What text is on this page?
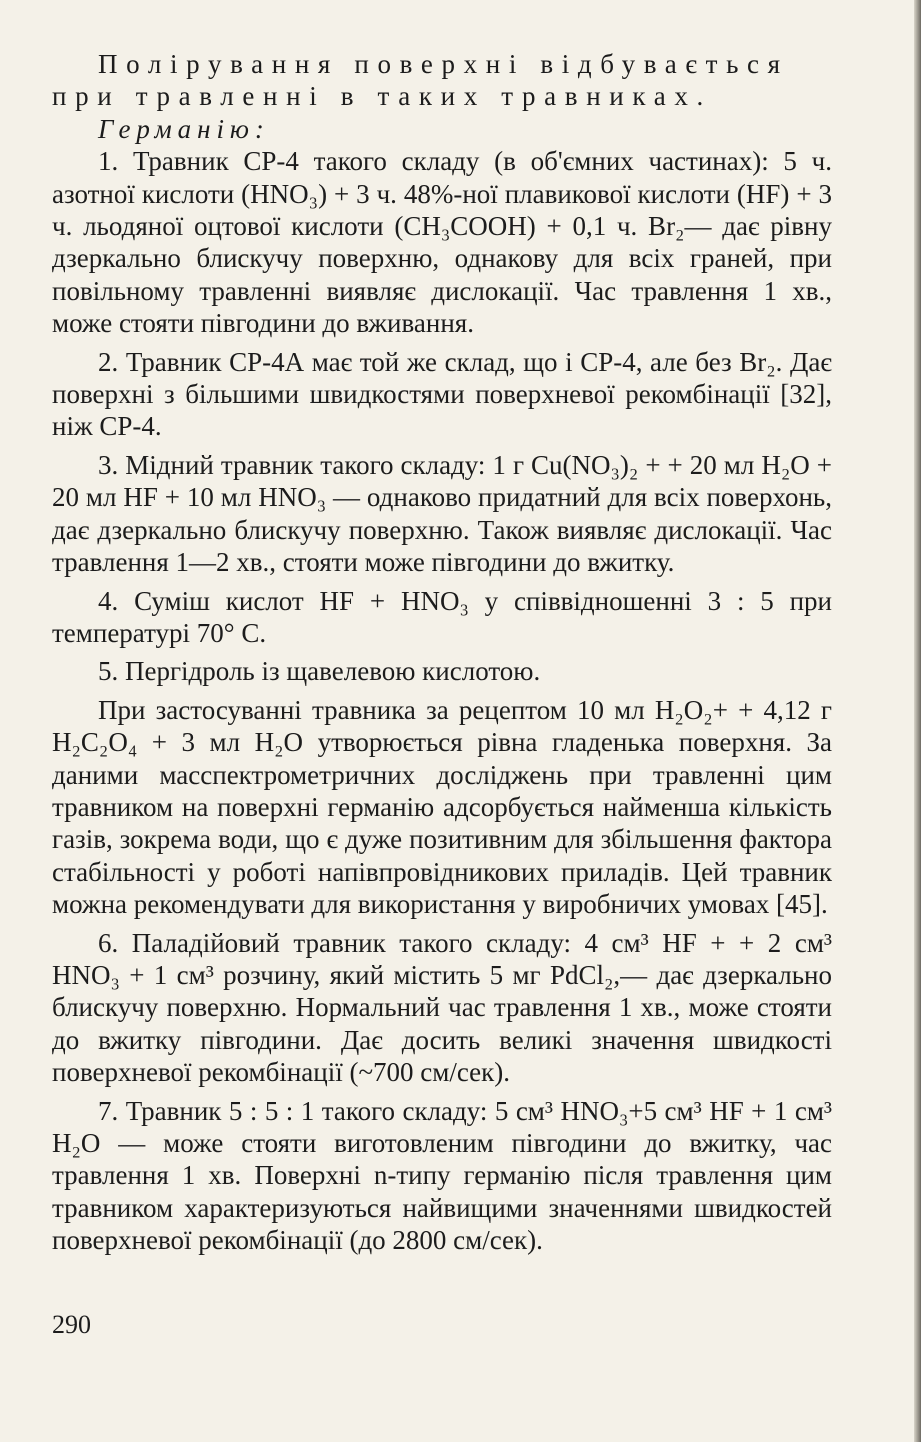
Полірування поверхні відбувається

при травленні в таких травниках.

Германію:

1. Травник СР-4 такого складу (в об'ємних частинах): 5 ч. азотної кислоти (HNO₃) + 3 ч. 48%-ної плавикової кислоти (HF) + 3 ч. льодяної оцтової кислоти (CH₃COOH) + 0,1 ч. Br₂— дає рівну дзеркально блискучу поверхню, однакову для всіх граней, при повільному травленні виявляє дислокації. Час травлення 1 хв., може стояти півгодини до вживання.

2. Травник СР-4А має той же склад, що і СР-4, але без Br₂. Дає поверхні з більшими швидкостями поверхневої рекомбінації [32], ніж СР-4.

3. Мідний травник такого складу: 1 г Cu(NO₃)₂ + + 20 мл H₂O + 20 мл HF + 10 мл HNO₃ — однаково придатний для всіх поверхонь, дає дзеркально блискучу поверхню. Також виявляє дислокації. Час травлення 1—2 хв., стояти може півгодини до вжитку.

4. Суміш кислот HF + HNO₃ у співвідношенні 3 : 5 при температурі 70° С.

5. Пергідроль із щавелевою кислотою.

При застосуванні травника за рецептом 10 мл H₂O₂+ + 4,12 г H₂C₂O₄ + 3 мл H₂O утворюється рівна гладенька поверхня. За даними масспектрометричних досліджень при травленні цим травником на поверхні германію адсорбується найменша кількість газів, зокрема води, що є дуже позитивним для збільшення фактора стабільності у роботі напівпровідникових приладів. Цей травник можна рекомендувати для використання у виробничих умовах [45].

6. Паладійовий травник такого складу: 4 см³ HF + + 2 см³ HNO₃ + 1 см³ розчину, який містить 5 мг PdCl₂,— дає дзеркально блискучу поверхню. Нормальний час травлення 1 хв., може стояти до вжитку півгодини. Дає досить великі значення швидкості поверхневої рекомбінації (~700 см/сек).

7. Травник 5 : 5 : 1 такого складу: 5 см³ HNO₃+5 см³ HF + 1 см³ H₂O — може стояти виготовленим півгодини до вжитку, час травлення 1 хв. Поверхні n-типу германію після травлення цим травником характеризуються найвищими значеннями швидкостей поверхневої рекомбінації (до 2800 см/сек).

290
